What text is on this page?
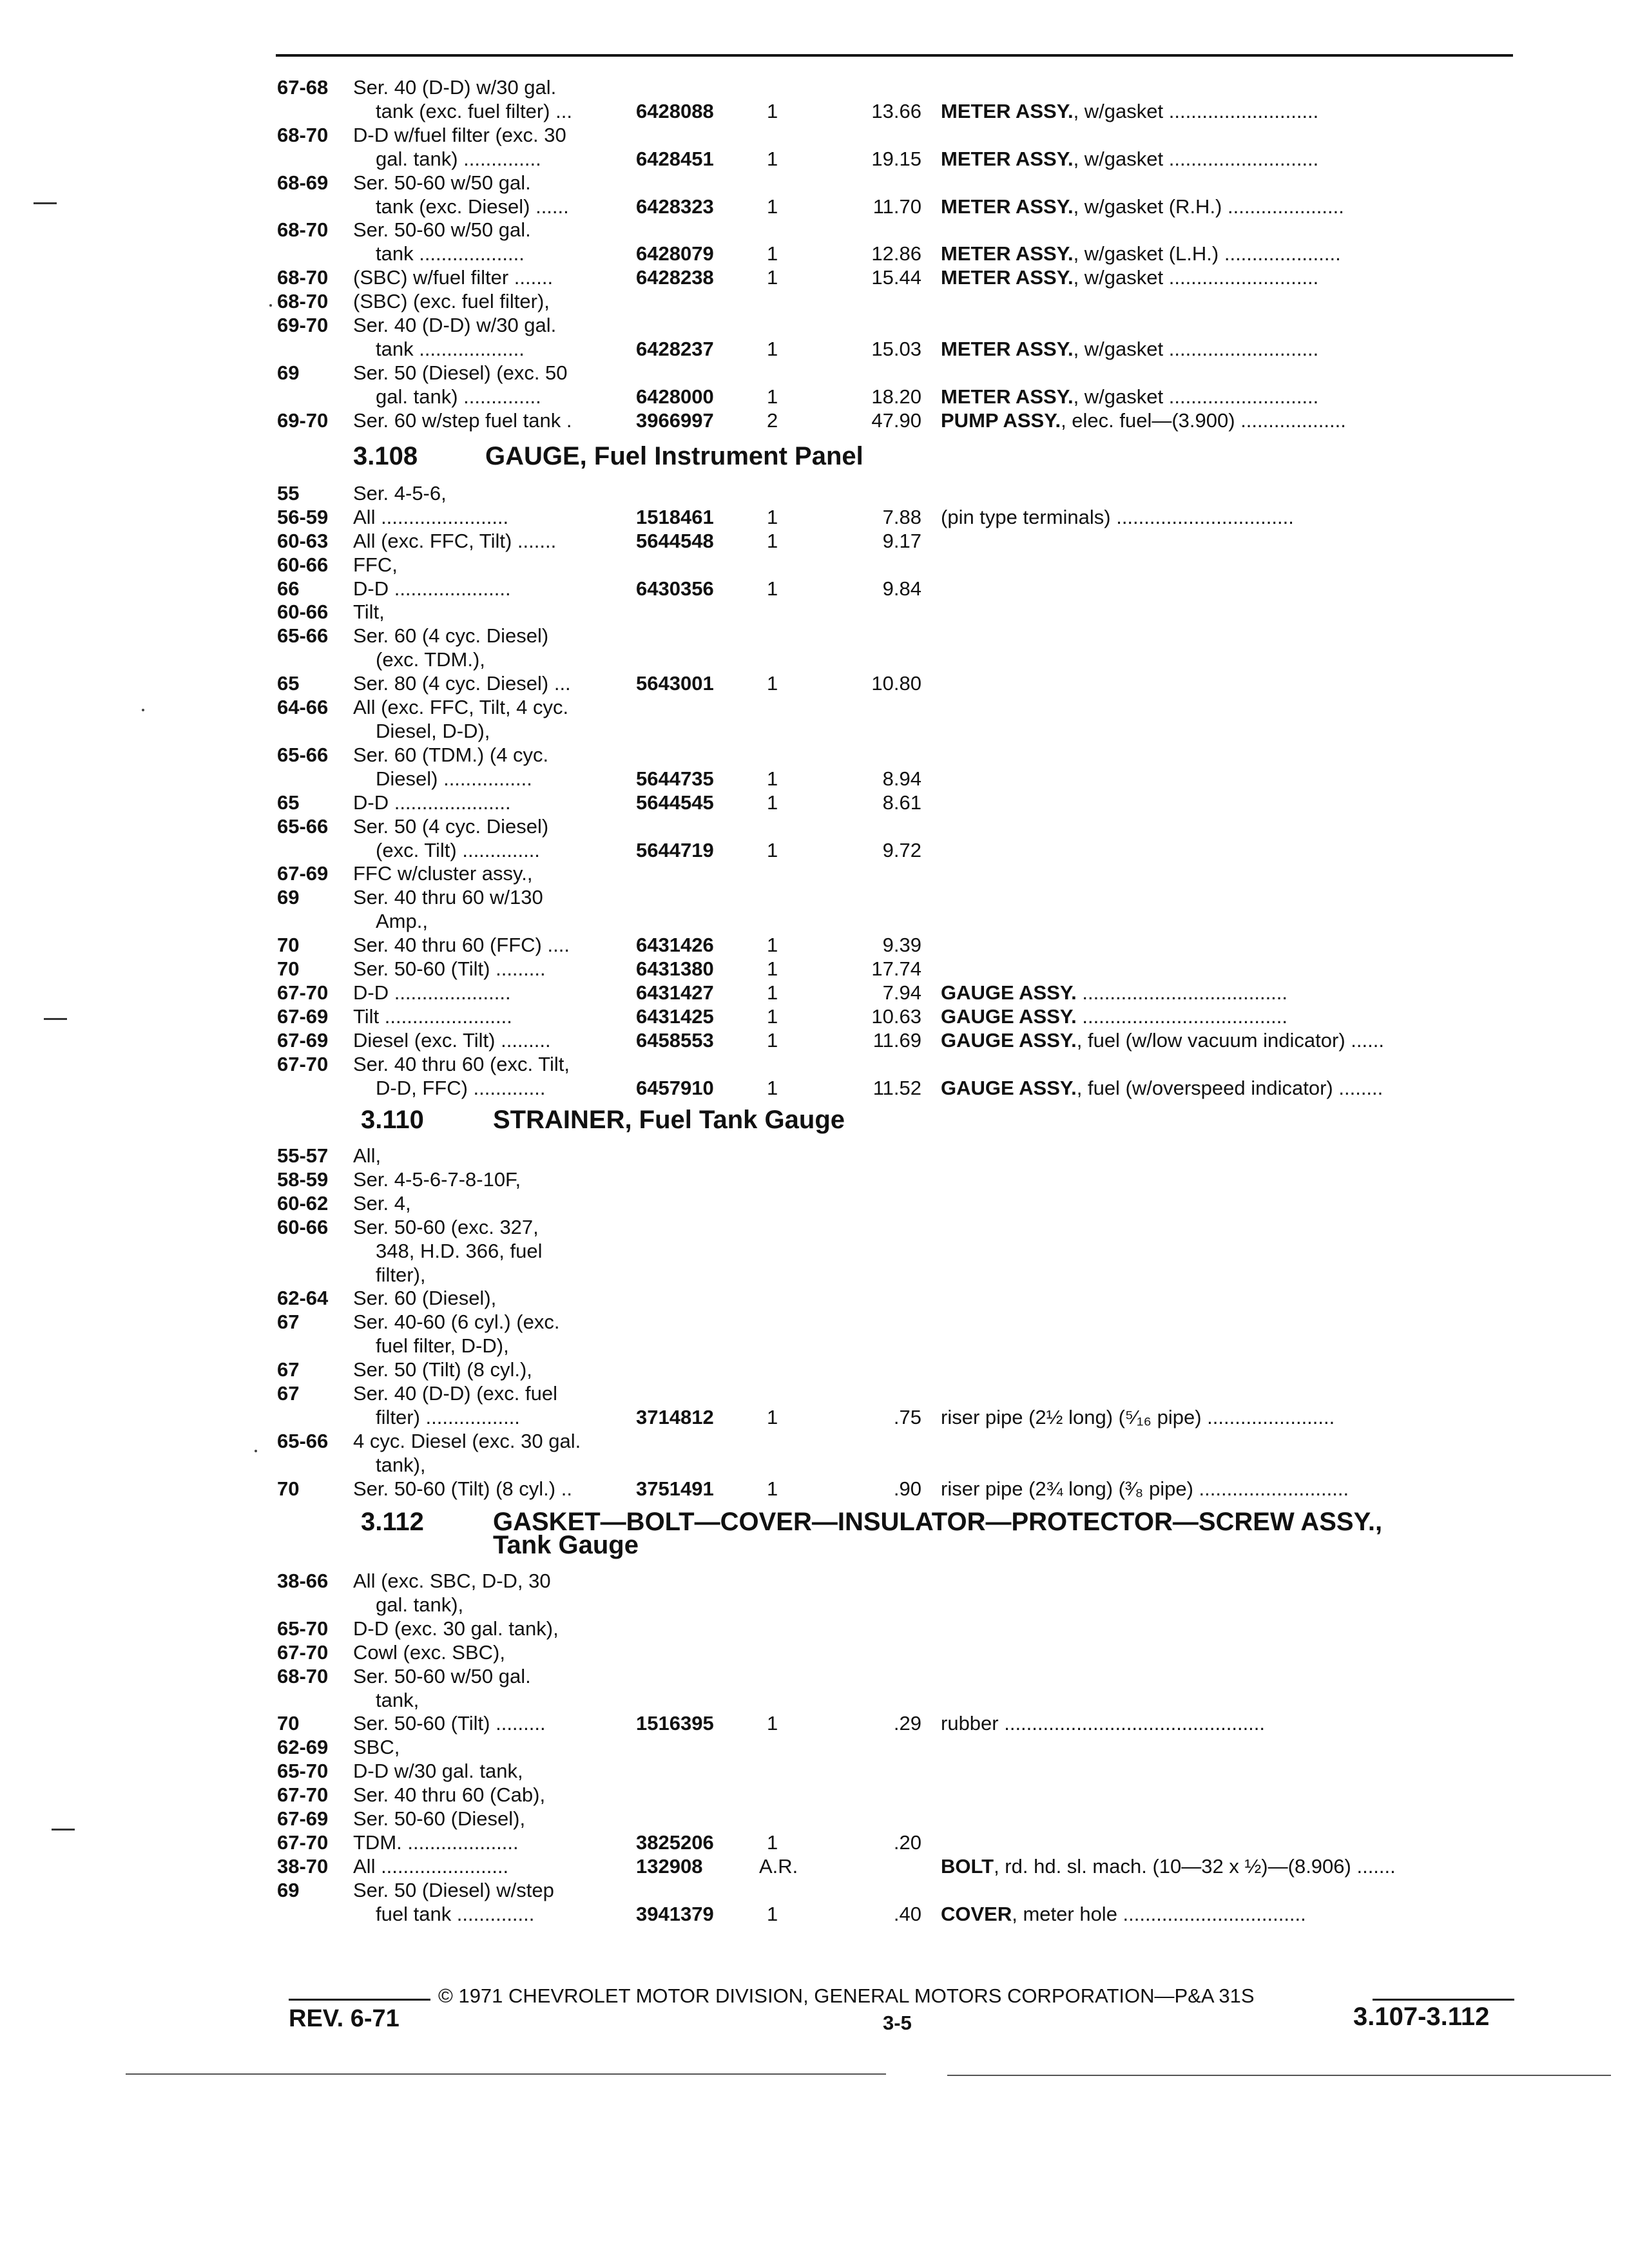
67-68 Ser. 40 (D-D) w/30 gal.
tank (exc. fuel filter) ...	6428088	1	13.66 METER ASSY., w/gasket ...........................
68-70 D-D w/fuel filter (exc. 30
gal. tank) ..............	6428451	1	19.15 METER ASSY., w/gasket ...........................
68-69 Ser. 50-60 w/50 gal.
tank (exc. Diesel) ......	6428323	1	11.70 METER ASSY., w/gasket (R.H.) .....................
68-70 Ser. 50-60 w/50 gal.
tank ...................	6428079	1	12.86 METER ASSY., w/gasket (L.H.) .....................
68-70 (SBC) w/fuel filter .......	6428238	1	15.44 METER ASSY., w/gasket ...........................
68-70 (SBC) (exc. fuel filter),
69-70 Ser. 40 (D-D) w/30 gal.
tank ...................	6428237	1	15.03 METER ASSY., w/gasket ...........................
69	Ser. 50 (Diesel) (exc. 50
gal. tank) ..............	6428000	1	18.20 METER ASSY., w/gasket ...........................
69-70 Ser. 60 w/step fuel tank .	3966997	2	47.90 PUMP ASSY., elec. fuel—(3.900) ...................
3.108	GAUGE, Fuel Instrument Panel
55	Ser. 4-5-6,
56-59 All .......................	1518461	1	7.88 (pin type terminals) ................................
60-63 All (exc. FFC, Tilt) .......	5644548	1	9.17
60-66 FFC,
66	D-D .....................	6430356	1	9.84
60-66 Tilt,
65-66 Ser. 60 (4 cyc. Diesel)
(exc. TDM.),
65	Ser. 80 (4 cyc. Diesel) ...	5643001	1	10.80
64-66 All (exc. FFC, Tilt, 4 cyc.
Diesel, D-D),
65-66 Ser. 60 (TDM.) (4 cyc.
Diesel) ................	5644735	1	8.94
65	D-D .....................	5644545	1	8.61
65-66 Ser. 50 (4 cyc. Diesel)
(exc. Tilt) ..............	5644719	1	9.72
67-69 FFC w/cluster assy.,
69	Ser. 40 thru 60 w/130
Amp.,
70	Ser. 40 thru 60 (FFC) ....	6431426	1	9.39
70	Ser. 50-60 (Tilt) .........	6431380	1	17.74
67-70 D-D .....................	6431427	1	7.94 GAUGE ASSY. .....................................
67-69 Tilt .......................	6431425	1	10.63 GAUGE ASSY. .....................................
67-69 Diesel (exc. Tilt) .........	6458553	1	11.69 GAUGE ASSY., fuel (w/low vacuum indicator) ......
67-70 Ser. 40 thru 60 (exc. Tilt,
D-D, FFC) .............	6457910	1	11.52 GAUGE ASSY., fuel (w/overspeed indicator) ........
3.110	STRAINER, Fuel Tank Gauge
55-57 All,
58-59 Ser. 4-5-6-7-8-10F,
60-62 Ser. 4,
60-66 Ser. 50-60 (exc. 327,
348, H.D. 366, fuel
filter),
62-64 Ser. 60 (Diesel),
67	Ser. 40-60 (6 cyl.) (exc.
fuel filter, D-D),
67	Ser. 50 (Tilt) (8 cyl.),
67	Ser. 40 (D-D) (exc. fuel
filter) .................	3714812	1	.75 riser pipe (2½ long) (⁵⁄₁₆ pipe) .......................
65-66 4 cyc. Diesel (exc. 30 gal.
tank),
70	Ser. 50-60 (Tilt) (8 cyl.) ..	3751491	1	.90 riser pipe (2¾ long) (³⁄₈ pipe) ...........................
3.112	GASKET—BOLT—COVER—INSULATOR—PROTECTOR—SCREW ASSY.,
Tank Gauge
38-66 All (exc. SBC, D-D, 30
gal. tank),
65-70 D-D (exc. 30 gal. tank),
67-70 Cowl (exc. SBC),
68-70 Ser. 50-60 w/50 gal.
tank,
70	Ser. 50-60 (Tilt) .........	1516395	1	.29 rubber ...............................................
62-69 SBC,
65-70 D-D w/30 gal. tank,
67-70 Ser. 40 thru 60 (Cab),
67-69 Ser. 50-60 (Diesel),
67-70 TDM. ....................	3825206	1	.20
38-70 All .......................	132908	A.R.	BOLT, rd. hd. sl. mach. (10—32 x ½)—(8.906) .......
69	Ser. 50 (Diesel) w/step
fuel tank ..............	3941379	1	.40 COVER, meter hole .................................
© 1971 CHEVROLET MOTOR DIVISION, GENERAL MOTORS CORPORATION—P&A 31S
REV. 6-71	3-5	3.107-3.112
